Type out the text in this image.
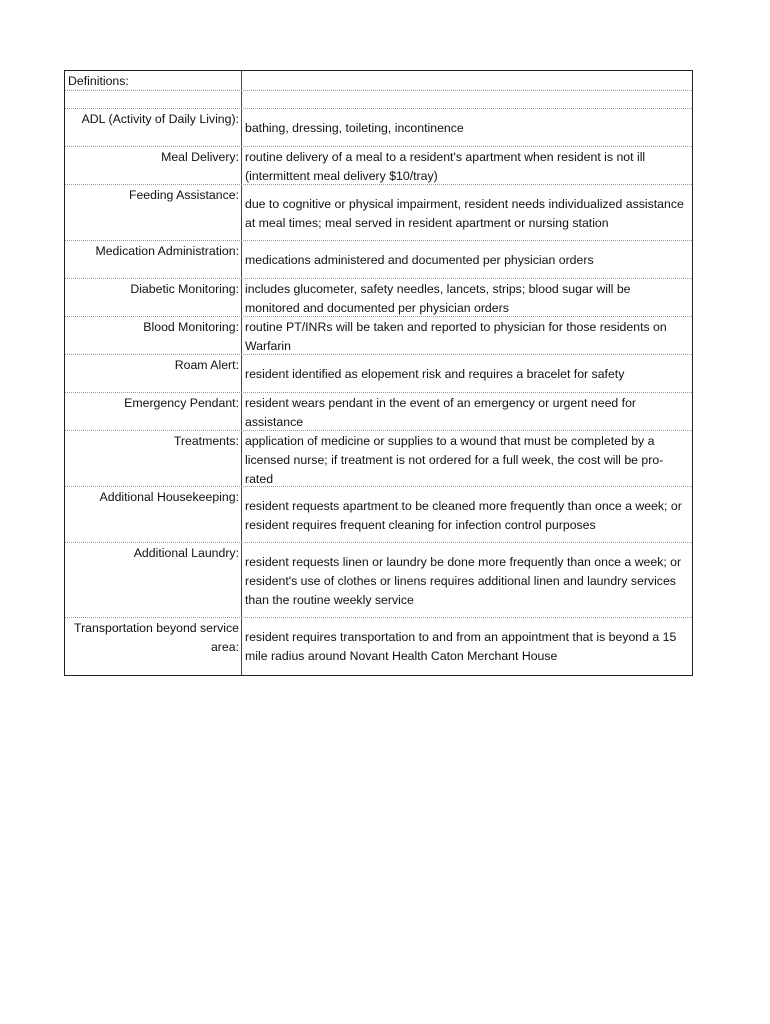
Definitions:
ADL (Activity of Daily Living):
bathing, dressing, toileting, incontinence
Meal Delivery: routine delivery of a meal to a resident's apartment when resident is not ill (intermittent meal delivery $10/tray)
Feeding Assistance:
due to cognitive or physical impairment, resident needs individualized assistance at meal times; meal served in resident apartment or nursing station
Medication Administration:
medications administered and documented per physician orders
Diabetic Monitoring: includes glucometer, safety needles, lancets, strips; blood sugar will be monitored and documented per physician orders
Blood Monitoring: routine PT/INRs will be taken and reported to physician for those residents on Warfarin
Roam Alert:
resident identified as elopement risk and requires a bracelet for safety
Emergency Pendant: resident wears pendant in the event of an emergency or urgent need for assistance
Treatments: application of medicine or supplies to a wound that must be completed by a licensed nurse; if treatment is not ordered for a full week, the cost will be pro-rated
Additional Housekeeping:
resident requests apartment to be cleaned more frequently than once a week; or resident requires frequent cleaning for infection control purposes
Additional Laundry:
resident requests linen or laundry be done more frequently than once a week; or resident's use of clothes or linens requires additional linen and laundry services than the routine weekly service
Transportation beyond service area:
resident requires transportation to and from an appointment that is beyond a 15 mile radius around Novant Health Caton Merchant House
